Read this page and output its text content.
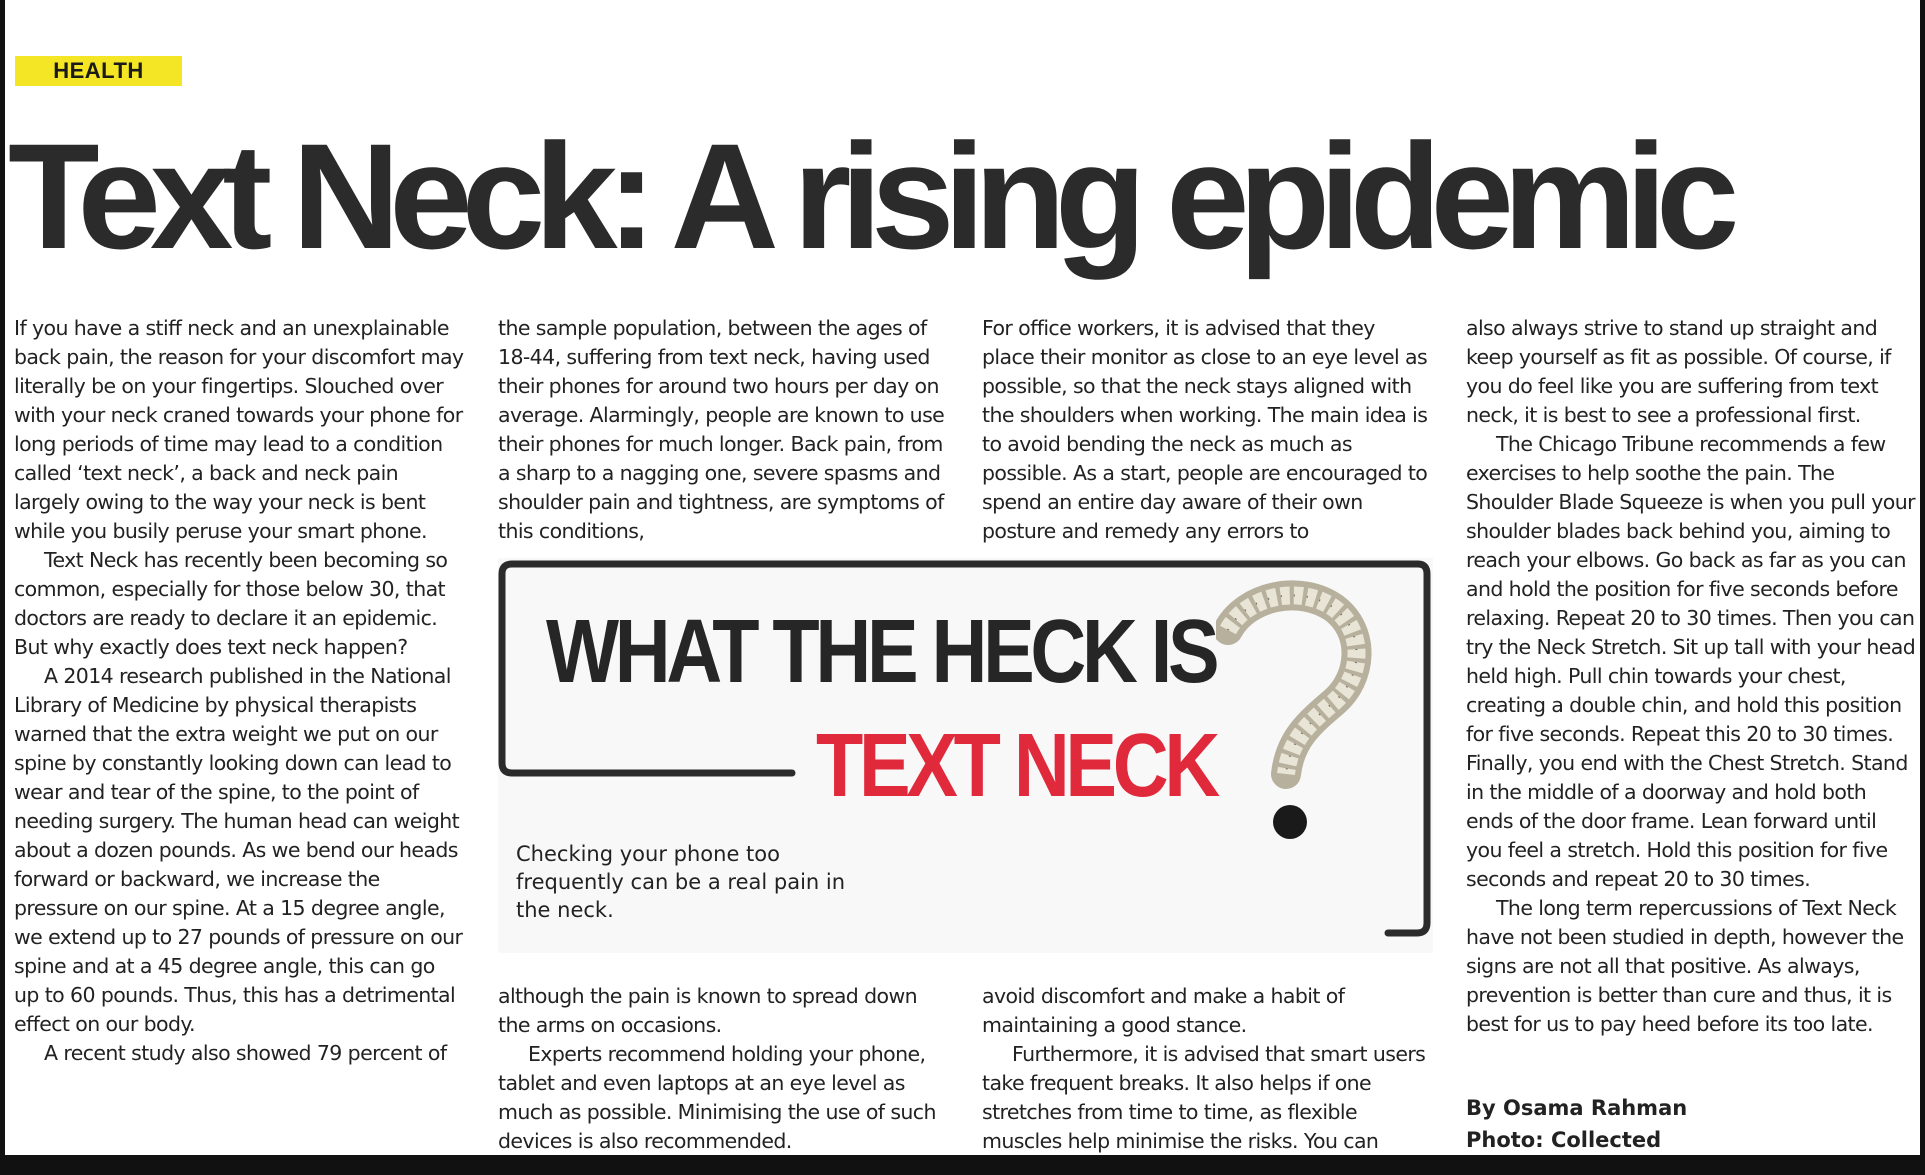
HEALTH
Text Neck: A rising epidemic

If you have a stiff neck and an unexplainable back pain, the reason for your discomfort may literally be on your fingertips. Slouched over with your neck craned towards your phone for long periods of time may lead to a condition called ‘text neck’, a back and neck pain largely owing to the way your neck is bent while you busily peruse your smart phone.

Text Neck has recently been becoming so common, especially for those below 30, that doctors are ready to declare it an epidemic. But why exactly does text neck happen?

A 2014 research published in the National Library of Medicine by physical therapists warned that the extra weight we put on our spine by constantly looking down can lead to wear and tear of the spine, to the point of needing surgery. The human head can weight about a dozen pounds. As we bend our heads forward or backward, we increase the pressure on our spine. At a 15 degree angle, we extend up to 27 pounds of pressure on our spine and at a 45 degree angle, this can go up to 60 pounds. Thus, this has a detrimental effect on our body.

A recent study also showed 79 percent of

the sample population, between the ages of 18-44, suffering from text neck, having used their phones for around two hours per day on average. Alarmingly, people are known to use their phones for much longer. Back pain, from a sharp to a nagging one, severe spasms and shoulder pain and tightness, are symptoms of this conditions,

For office workers, it is advised that they place their monitor as close to an eye level as possible, so that the neck stays aligned with the shoulders when working. The main idea is to avoid bending the neck as much as possible. As a start, people are encouraged to spend an entire day aware of their own posture and remedy any errors to

also always strive to stand up straight and keep yourself as fit as possible. Of course, if you do feel like you are suffering from text neck, it is best to see a professional first.

The Chicago Tribune recommends a few exercises to help soothe the pain. The Shoulder Blade Squeeze is when you pull your shoulder blades back behind you, aiming to reach your elbows. Go back as far as you can and hold the position for five seconds before relaxing. Repeat 20 to 30 times. Then you can try the Neck Stretch. Sit up tall with your head held high. Pull chin towards your chest, creating a double chin, and hold this position for five seconds. Repeat this 20 to 30 times. Finally, you end with the Chest Stretch. Stand in the middle of a doorway and hold both ends of the door frame. Lean forward until you feel a stretch. Hold this position for five seconds and repeat 20 to 30 times.

The long term repercussions of Text Neck have not been studied in depth, however the signs are not all that positive. As always, prevention is better than cure and thus, it is best for us to pay heed before its too late.

WHAT THE HECK IS
TEXT NECK
Checking your phone too frequently can be a real pain in the neck.

although the pain is known to spread down the arms on occasions.

Experts recommend holding your phone, tablet and even laptops at an eye level as much as possible. Minimising the use of such devices is also recommended.

avoid discomfort and make a habit of maintaining a good stance.

Furthermore, it is advised that smart users take frequent breaks. It also helps if one stretches from time to time, as flexible muscles help minimise the risks. You can

By Osama Rahman
Photo: Collected
